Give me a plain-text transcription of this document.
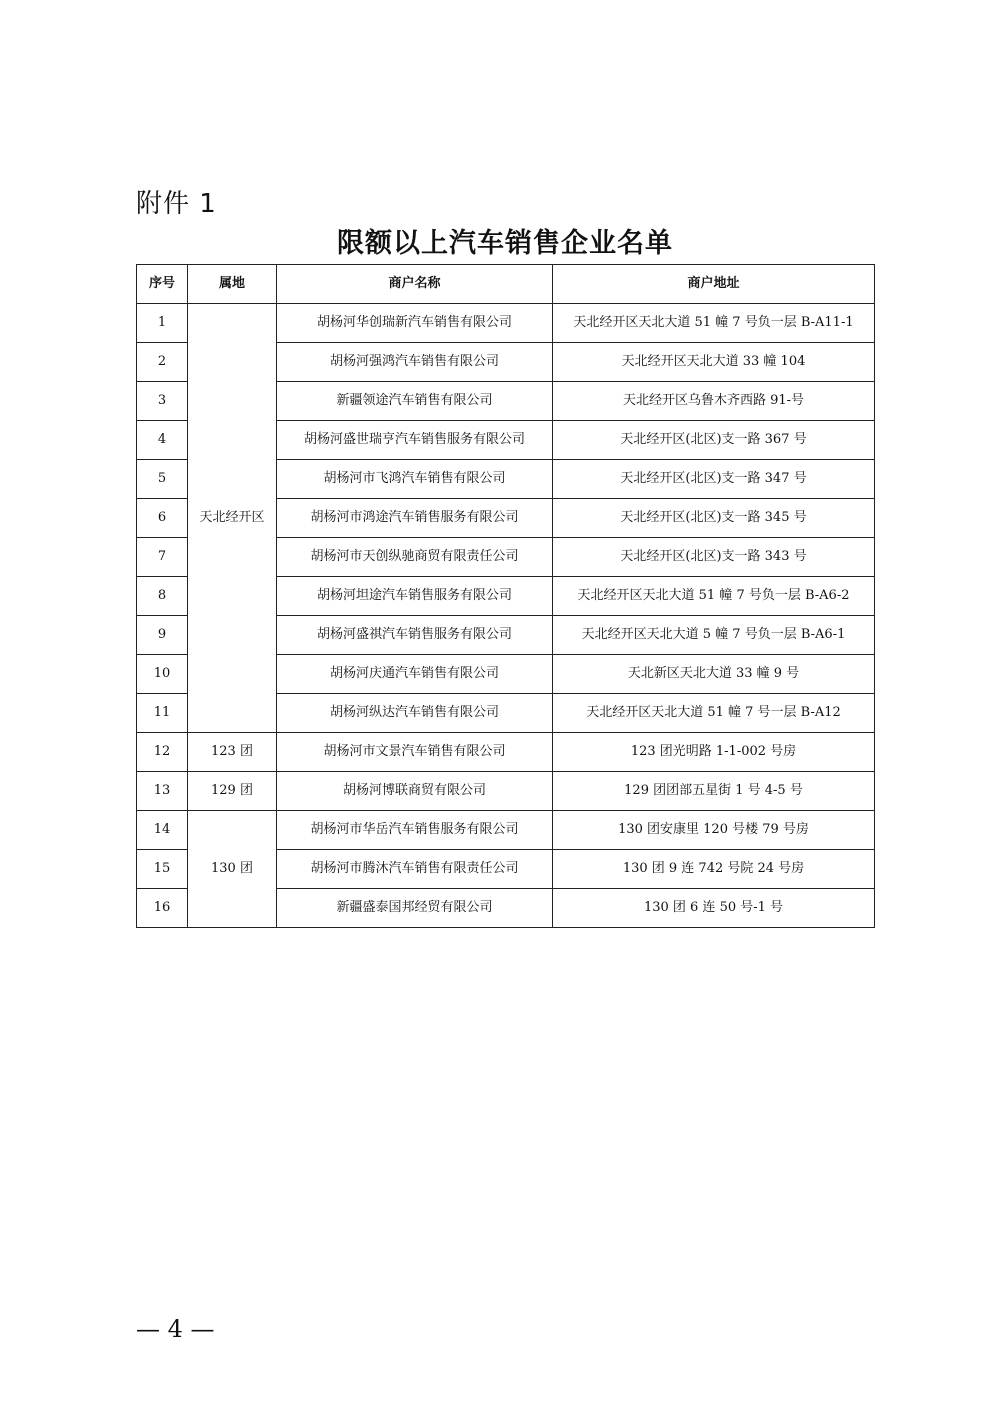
附件 1
限额以上汽车销售企业名单
序号	属地	商户名称	商户地址
1	天北经开区	胡杨河华创瑞新汽车销售有限公司	天北经开区天北大道 51 幢 7 号负一层 B-A11-1
2		胡杨河强鸿汽车销售有限公司	天北经开区天北大道 33 幢 104
3		新疆领途汽车销售有限公司	天北经开区乌鲁木齐西路 91-号
4		胡杨河盛世瑞亨汽车销售服务有限公司	天北经开区(北区)支一路 367 号
5		胡杨河市飞鸿汽车销售有限公司	天北经开区(北区)支一路 347 号
6		胡杨河市鸿途汽车销售服务有限公司	天北经开区(北区)支一路 345 号
7		胡杨河市天创纵驰商贸有限责任公司	天北经开区(北区)支一路 343 号
8		胡杨河坦途汽车销售服务有限公司	天北经开区天北大道 51 幢 7 号负一层 B-A6-2
9		胡杨河盛祺汽车销售服务有限公司	天北经开区天北大道 5 幢 7 号负一层 B-A6-1
10		胡杨河庆通汽车销售有限公司	天北新区天北大道 33 幢 9 号
11		胡杨河纵达汽车销售有限公司	天北经开区天北大道 51 幢 7 号一层 B-A12
12	123 团	胡杨河市文景汽车销售有限公司	123 团光明路 1-1-002 号房
13	129 团	胡杨河博联商贸有限公司	129 团团部五星街 1 号 4-5 号
14	130 团	胡杨河市华岳汽车销售服务有限公司	130 团安康里 120 号楼 79 号房
15		胡杨河市腾沐汽车销售有限责任公司	130 团 9 连 742 号院 24 号房
16		新疆盛泰国邦经贸有限公司	130 团 6 连 50 号-1 号
— 4 —
